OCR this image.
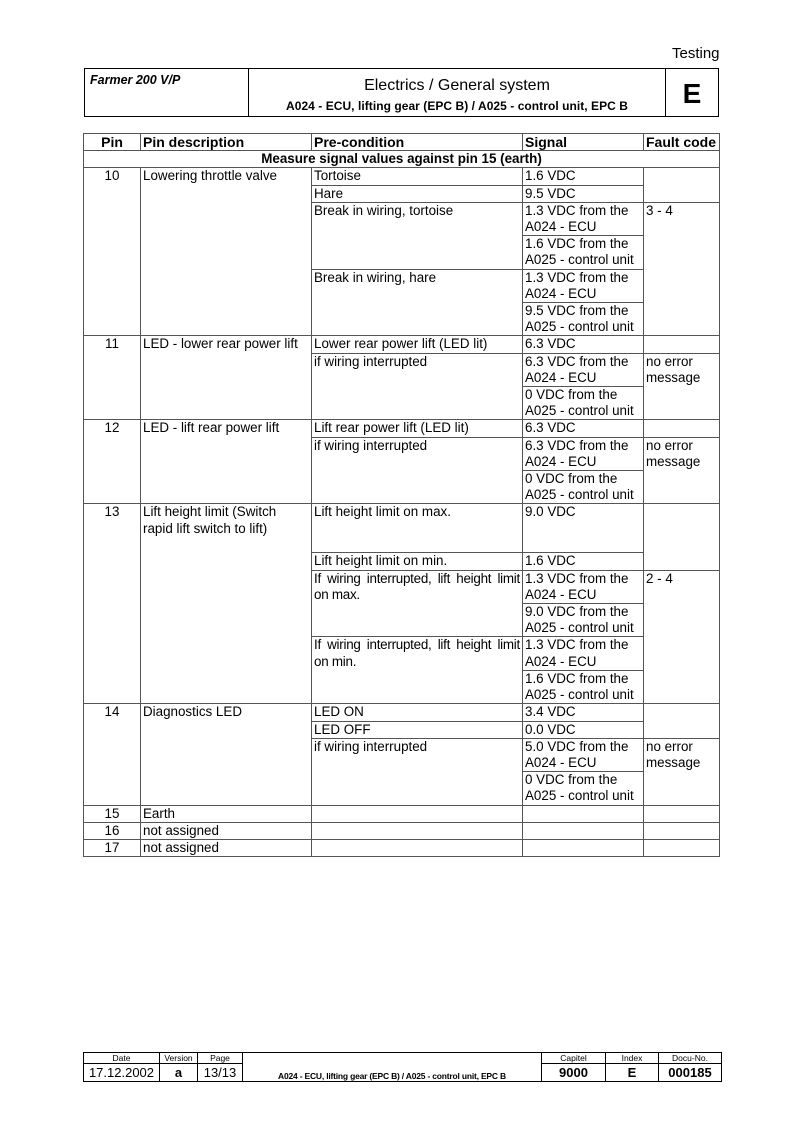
Testing
Farmer 200 V/P	Electrics / General system
A024 - ECU, lifting gear (EPC B) / A025 - control unit, EPC B	E
Pin	Pin description	Pre-condition	Signal	Fault code
Measure signal values against pin 15 (earth)				
10	Lowering throttle valve	Tortoise	1.6 VDC	
		Hare	9.5 VDC	
		Break in wiring, tortoise	1.3 VDC from the A024 - ECU	3 - 4
			1.6 VDC from the A025 - control unit	
		Break in wiring, hare	1.3 VDC from the A024 - ECU	
			9.5 VDC from the A025 - control unit	
11	LED - lower rear power lift	Lower rear power lift (LED lit)	6.3 VDC	
		if wiring interrupted	6.3 VDC from the A024 - ECU	no error message
			0 VDC from the A025 - control unit	
12	LED - lift rear power lift	Lift rear power lift (LED lit)	6.3 VDC	
		if wiring interrupted	6.3 VDC from the A024 - ECU	no error message
			0 VDC from the A025 - control unit	
13	Lift height limit (Switch rapid lift switch to lift)	Lift height limit on max.	9.0 VDC	
		Lift height limit on min.	1.6 VDC	
		If wiring interrupted, lift height limit on max.	1.3 VDC from the A024 - ECU	2 - 4
			9.0 VDC from the A025 - control unit	
		If wiring interrupted, lift height limit on min.	1.3 VDC from the A024 - ECU	
			1.6 VDC from the A025 - control unit	
14	Diagnostics LED	LED ON	3.4 VDC	
		LED OFF	0.0 VDC	
		if wiring interrupted	5.0 VDC from the A024 - ECU	no error message
			0 VDC from the A025 - control unit	
15	Earth			
16	not assigned			
17	not assigned			
Date	Version	Page	A024 - ECU, lifting gear (EPC B) / A025 - control unit, EPC B	Capitel	Index	Docu-No.
17.12.2002	a	13/13		9000	E	000185
